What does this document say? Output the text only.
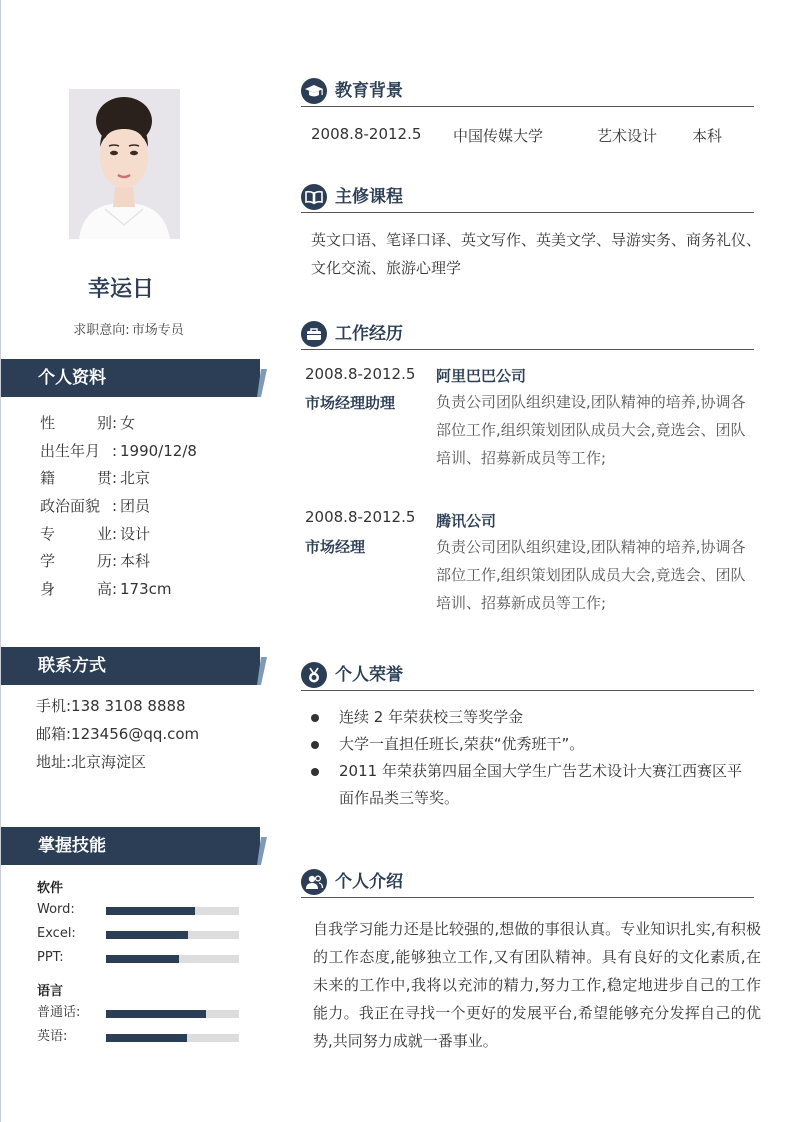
幸运日
求职意向: 市场专员
个人资料
性	别 : 女
出生年月 : 1990/12/8
籍	贯 : 北京
政治面貌 : 团员
专	业 : 设计
学	历 : 本科
身	高 : 173cm
联系方式
手机:138 3108 8888
邮箱:123456@qq.com
地址:北京海淀区
掌握技能
软件
Word:
Excel:
PPT:
语言
普通话:
英语:
教育背景
2008.8-2012.5 中国传媒大学	艺术设计 本科
主修课程
英文口语、笔译口译、英文写作、英美文学、导游实务、商务礼仪、文化交流、旅游心理学
工作经历
2008.8-2012.5 阿里巴巴公司
市场经理助理	负责公司团队组织建设,团队精神的培养,协调各部位工作,组织策划团队成员大会,竟选会、团队培训、招募新成员等工作;
2008.8-2012.5 腾讯公司
市场经理	负责公司团队组织建设,团队精神的培养,协调各部位工作,组织策划团队成员大会,竟选会、团队培训、招募新成员等工作;
个人荣誉
连续 2 年荣获校三等奖学金
大学一直担任班长,荣获“优秀班干”。
2011 年荣获第四届全国大学生广告艺术设计大赛江西赛区平 面作品类三等奖。
个人介绍
自我学习能力还是比较强的,想做的事很认真。专业知识扎实,有积极的工作态度,能够独立工作,又有团队精神。具有良好的文化素质,在未来的工作中,我将以充沛的精力,努力工作,稳定地进步自己的工作能力。我正在寻找一个更好的发展平台,希望能够充分发挥自己的优势,共同努力成就一番事业。
